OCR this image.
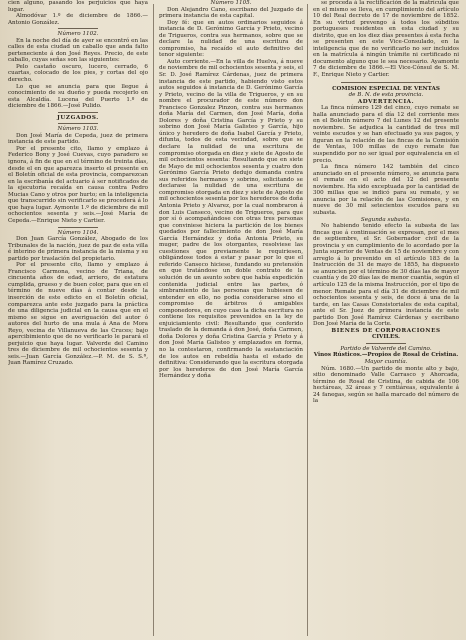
cien alguno, pasando los perjuicios que haya lugar.

Almodóvar 1.º de diciembre de 1866.—Antonio González.

Número 1102.

En la noche del día de ayer se encontró en las calles de esta ciudad un caballo que anda falto perteneciente á don José Reyes. Precio, de este caballo, cuyas señas son las siguientes:

Pelo castaño oscuro, lucero, cerrado, 6 cuartas, colocado de los pies, y cortas del ojo derecho.

Lo que se anuncia para que llegue á conocimiento de su dueño y pueda recojerlo en esta Alcaldía. Lucena del Puerto 1.º de diciembre de 1866.—José Pulido.

JUZGADOS.

Número 1103.

Don José María de Cepeda, juez de primera instancia de este partido.

Por el presente cito, llamo y emplazo á Federico Bony y José Cuevas, cuyo paradero se ignora, á fin de que en el término de treinta días, desde el en que aparezca inserto el presente en el Boletín oficial de esta provincia, comparezcan en la escribanía del actuario á ser notificados de la ejecutoria recaída en causa contra Pedro Mucias Cano y otros por hurto; en la inteligencia que transcurrido sin verificarlo se procederá á lo que haya lugar. Aymonte 1.º de diciembre de mil ochocientos sesenta y seis.—José María de Cepeda.—Enrique Nieto y Cartier.

Número 1104.

Don Juan García González, Abogado de los Tribunales de la nación, juez de paz de esta villa é interino de primera instancia de la misma y su partido por traslación del propietario.

Por el presente cito, llamo y emplazo á Francisco Carmona, vecino de Triana, de cincuenta años de edad, arriero, de estatura cumplida, grueso y de buen color, para que en el término de nueve días á contar desde la inserción de este edicto en el Boletín oficial, comparezca ante este juzgado para la práctica de una diligencia judicial en la causa que en el mismo se sigue en averiguación del autor ó autores del hurto de una mula á Ana de Mora Reyo, vecina de Villanueva de las Cruces; bajo apercibimiento que de no verificarlo le parará el perjuicio que haya lugar. Valverde del Camino tres de diciembre de mil ochocientos sesenta y seis.—Juan García González.—P. M. de S. S.ª, Juan Ramírez Cruzado.

Número 1105.

Don Alejandro Cano, escribano del Juzgado de primera instancia de esta capital.

Doy fé: que en autos ordinarios seguidos á instancia de D. Gerónimo García y Prieto, vecino de Trigueros, contra sus hermanos, sobre que se declare la nulidad de una escritura de compromiso, ha recaído el auto definitivo del tenor siguiente:

Auto corriente.—En la villa de Huelva, á nueve de noviembre de mil ochocientos sesenta y seis, el Sr. D. José Ramírez Cárdenas, juez de primera instancia de este partido, habiendo visto estos autos seguidos á instancia de D. Gerónimo García y Prieto, vecino de la villa de Trigueros, y en su nombre el procurador de este número don Francisco Gonzalez Pinzon, contra sus hermanos doña María del Carmen, don José María, doña Dolores y doña Cristina García y Prieto y su sobrino don José María Galisteo y García, hijo único y heredero de doña Isabel García y Prieto, difunta, todos de esta vecindad, sobre que se declare la nulidad de una escritura de compromiso otorgada en diez y siete de Agosto de mil ochocientos sesenta: Resultando que en siete de Mayo de mil ochocientos sesenta y cuatro don Gerónimo García Prieto dedujo demanda contra sus referidos hermanos y sobrino, solicitando se declarase la nulidad de una escritura de compromiso otorgada en diez y siete de Agosto de mil ochocientos sesenta por los herederos de doña Antonia Prieto y Alvarez, por la cual nombraron á don Luis Canseco, vecino de Trigueros, para que por sí ó acompañándose con otras tres personas que conviniese hiciera la partición de los bienes quedados por fallecimiento de don José María García Hernández y doña Antonia Prieto, su muger, padre de los otorgantes, resolviese las cuestiones que previamente le requiriesen, obligándose todos á estar y pasar por lo que el referido Canseco hiciese, fundando su pretensión en que tratándose un doble contrato de la solución de un asunto sobre que había expedición contenida judicial entre las partes, ó simbramiento de las personas que hubiesen de entender en ello, no podia considerarse sino el compromiso de árbitros ó amigables componedores, en cuyo caso la dicha escritura no contiene los requisitos prevenidos en la ley de enjuiciamiento civil: Resultando que conferido traslado de la demanda á don José, doña Carmen, doña Dolores y doña Cristina García y Prieto y á don José María Galisteo y emplazados en forma, no la contestaron, confirmando la sustanciación de los autos en rebeldía hasta el estado de definitiva: Considerando que la escritura otorgada por los herederos de don José María García Hernández y doña

se proceda á la rectificación de la matrícula que en el mismo se lleva, en cumplimiento del artículo 10 del Real decreto de 17 de noviembre de 1852. En su virtud prevengo á todos los súbditos portugueses residentes en esta ciudad y su distrito, que en los diez días presentes á esta fecha se presenten en este Vice-Consulado, en la inteligencia que de no verificarlo no ser incluidos en la matrícula á ningún trámite ni certificado ni documento alguno que le sea necesario. Ayamonte 7 de diciembre de 1866.—El Vice-Cónsul de S. M. F., Enrique Nieto y Cartier.

COMISION ESPECIAL DE VENTAS

de B. N. de esta provincia.

ADVERTENCIA.

La finca número 129 del cinco, cuyo remate se halla anunciado para el día 12 del corriente mes en el Boletín número 7 del Lunes 12 del presente noviembre. Se adjudica la cantidad de tres mil veinte escudos y se han efectuado ya sus pagos, y figuran en la relación de las fincas de la Comisión de Ventas, 100 millas de cuyo remate fue suspendido por no ser igual por equivalencia en el precio.

La finca número 142 también del cinco anunciado en el presente número, se anuncia para el remate en el acto del 12 del presente noviembre. Ha sido exceptuada por la cantidad de 300 millas que se indicó para su remate, y se anuncia por la relación de las Comisiones, y en nueve de 30 mil setecientos escudos para su subasta.

Segunda subasta.

No habiendo tenido efecto la subasta de las fincas que á continuación se expresan, por el mes de septiembre, el Sr. Gobernador civil de la provincia y en cumplimiento de lo acordado por la Junta superior de Ventas de 15 de noviembre y con arreglo á lo prevenido en el artículo 183 de la Instrucción de 31 de mayo de 1855, ha dispuesto se anuncien por el término de 30 días las de mayor cuantía y de 20 días las de menor cuantía, según el artículo 125 de la misma Instrucción, por el tipo de menor. Remate para el día 31 de diciembre de mil ochocientos sesenta y seis, de doce á una de la tarde, en las Casas Consistoriales de esta capital, ante el Sr. Juez de primera instancia de este partido Don José Ramírez Cárdenas y escribano Don José María de la Corte.

BIENES DE CORPORACIONES

CIVILES.

Partido de Valverde del Camino.

Vinos Rústicos.—Propios de Rosal de Cristina.

Mayor cuantía.

Núm. 1680.—Un partido de monte alto y bajo, sitio denominado Valle Carrasco y Ahorcada, término de Rosal de Cristina, de cabida de 106 hectáreas, 32 áreas y 7 centiáreas, equivalente á 24 fanegas, según se halla marcado del número de la
